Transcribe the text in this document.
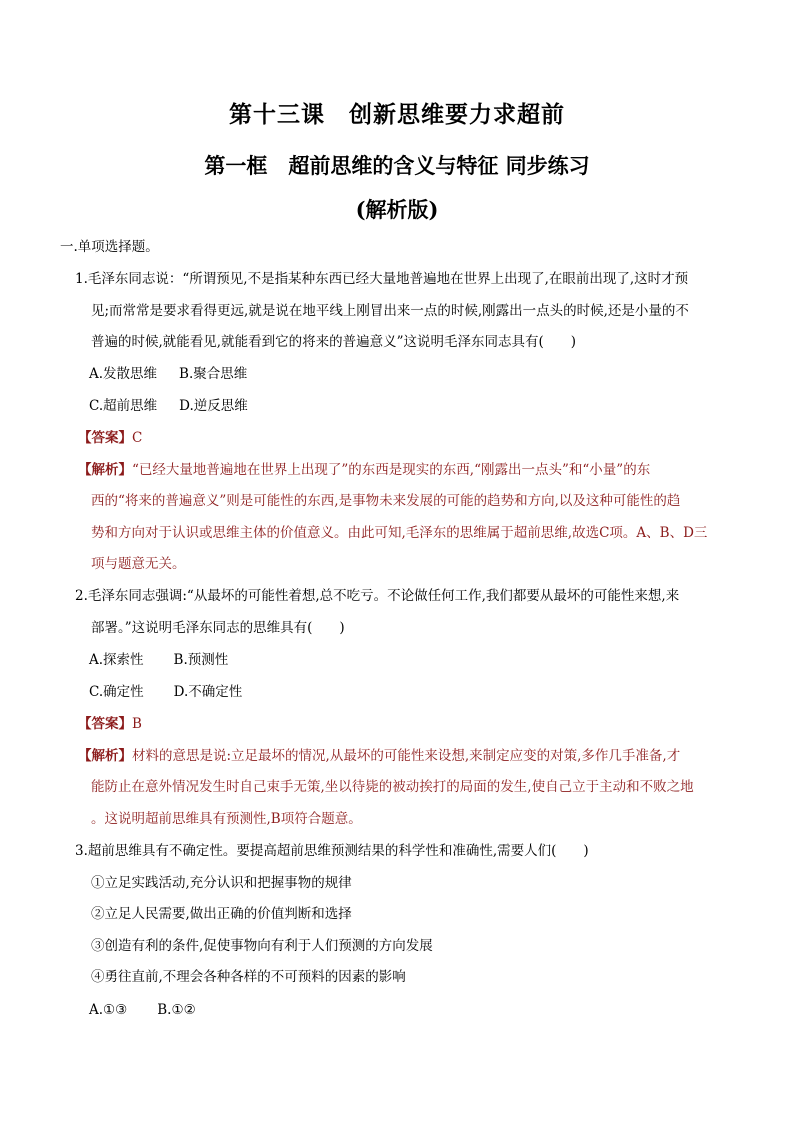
第十三课　创新思维要力求超前
第一框　超前思维的含义与特征 同步练习
(解析版)
一.单项选择题。
1.毛泽东同志说：“所谓预见,不是指某种东西已经大量地普遍地在世界上出现了,在眼前出现了,这时才预
见;而常常是要求看得更远,就是说在地平线上刚冒出来一点的时候,刚露出一点头的时候,还是小量的不
普遍的时候,就能看见,就能看到它的将来的普遍意义”这说明毛泽东同志具有(　　)
A.发散思维 B.聚合思维
C.超前思维 D.逆反思维
【答案】C
【解析】“已经大量地普遍地在世界上出现了”的东西是现实的东西,“刚露出一点头”和“小量”的东
西的“将来的普遍意义”则是可能性的东西,是事物未来发展的可能的趋势和方向,以及这种可能性的趋
势和方向对于认识或思维主体的价值意义。由此可知,毛泽东的思维属于超前思维,故选C项。A、B、D三
项与题意无关。
2.毛泽东同志强调:“从最坏的可能性着想,总不吃亏。不论做任何工作,我们都要从最坏的可能性来想,来
部署。”这说明毛泽东同志的思维具有(　　)
A.探索性 B.预测性
C.确定性 D.不确定性
【答案】B
【解析】材料的意思是说:立足最坏的情况,从最坏的可能性来设想,来制定应变的对策,多作几手准备,才
能防止在意外情况发生时自己束手无策,坐以待毙的被动挨打的局面的发生,使自己立于主动和不败之地
。这说明超前思维具有预测性,B项符合题意。
3.超前思维具有不确定性。要提高超前思维预测结果的科学性和准确性,需要人们(　　)
①立足实践活动,充分认识和把握事物的规律
②立足人民需要,做出正确的价值判断和选择
③创造有利的条件,促使事物向有利于人们预测的方向发展
④勇往直前,不理会各种各样的不可预料的因素的影响
A.①③ B.①②
